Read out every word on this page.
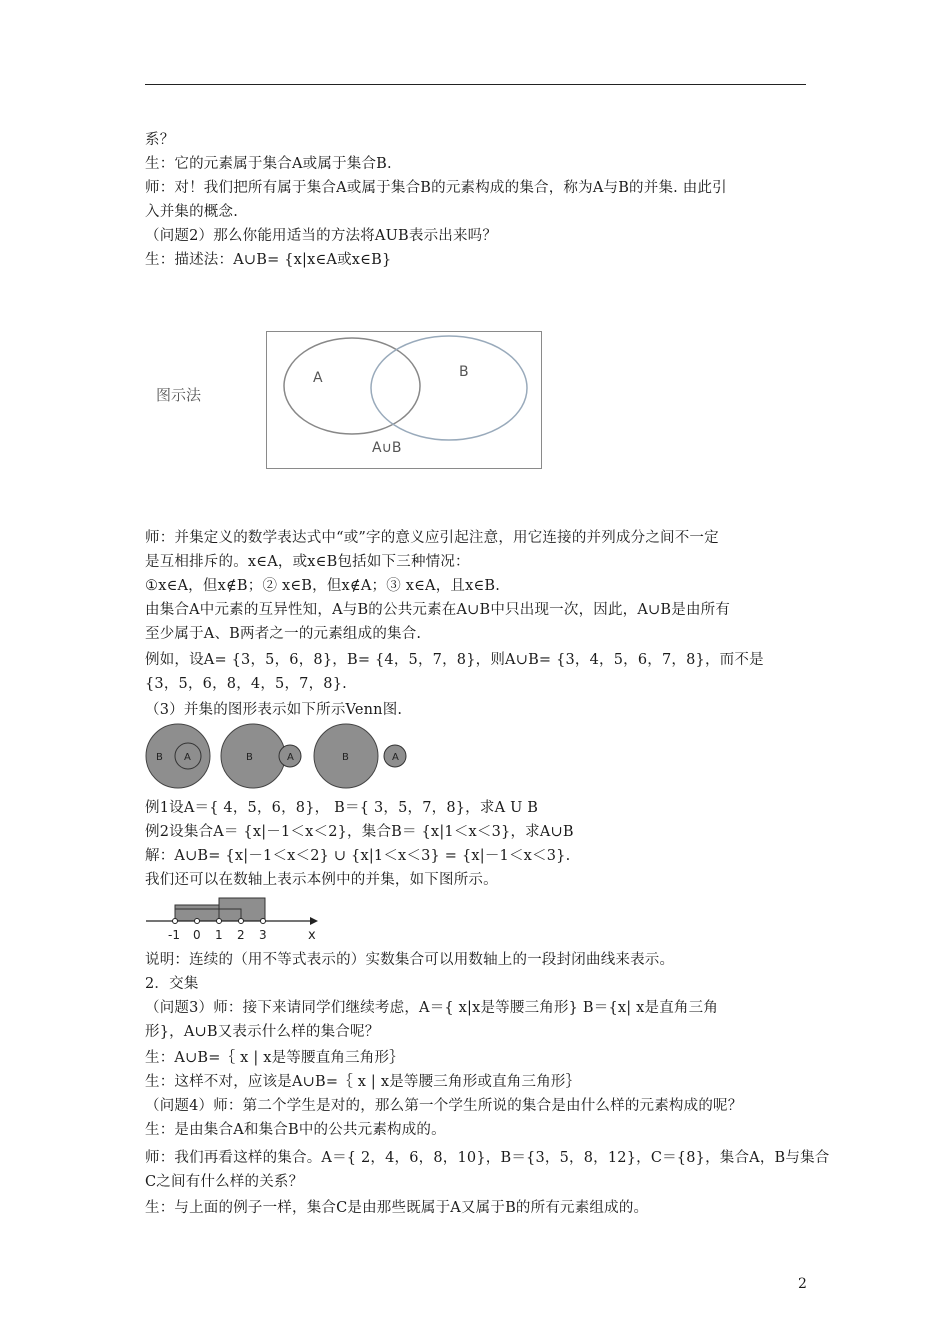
系？
生：它的元素属于集合A或属于集合B.
师：对！我们把所有属于集合A或属于集合B的元素构成的集合，称为A与B的并集. 由此引
入并集的概念.
（问题2）那么你能用适当的方法将AUB表示出来吗？
生：描述法：A∪B= {x|x∈A或x∈B}
A	B
图示法
A∪B
师：并集定义的数学表达式中“或”字的意义应引起注意，用它连接的并列成分之间不一定
是互相排斥的。x∈A，或x∈B包括如下三种情况：
①x∈A，但x∉B；② x∈B，但x∉A；③ x∈A，且x∈B.
由集合A中元素的互异性知，A与B的公共元素在A∪B中只出现一次，因此，A∪B是由所有
至少属于A、B两者之一的元素组成的集合.
例如，设A= {3，5，6，8}，B= {4，5，7，8}，则A∪B= {3，4，5，6，7，8}，而不是
{3，5，6，8，4，5，7，8}.
（3）并集的图形表示如下所示Venn图.
B A	B	A	B	A
例1设A＝{ 4，5，6，8}， B＝{ 3，5，7，8}，求A U B
例2设集合A＝ {x|－1＜x＜2}，集合B＝ {x|1＜x＜3}，求A∪B
解：A∪B= {x|－1＜x＜2} ∪ {x|1＜x＜3} = {x|－1＜x＜3}.
我们还可以在数轴上表示本例中的并集，如下图所示。
-1 0 1 2 3	x
说明：连续的（用不等式表示的）实数集合可以用数轴上的一段封闭曲线来表示。
2．交集
（问题3）师：接下来请同学们继续考虑，A＝{ x|x是等腰三角形} B＝{x| x是直角三角
形}，A∪B又表示什么样的集合呢？
生：A∪B=｛ x | x是等腰直角三角形｝
生：这样不对，应该是A∪B=｛ x | x是等腰三角形或直角三角形｝
（问题4）师：第二个学生是对的，那么第一个学生所说的集合是由什么样的元素构成的呢？
生：是由集合A和集合B中的公共元素构成的。
师：我们再看这样的集合。A＝{ 2，4，6，8，10}，B＝{3，5，8，12}，C＝{8}，集合A，B与集合
C之间有什么样的关系？
生：与上面的例子一样，集合C是由那些既属于A又属于B的所有元素组成的。
2
